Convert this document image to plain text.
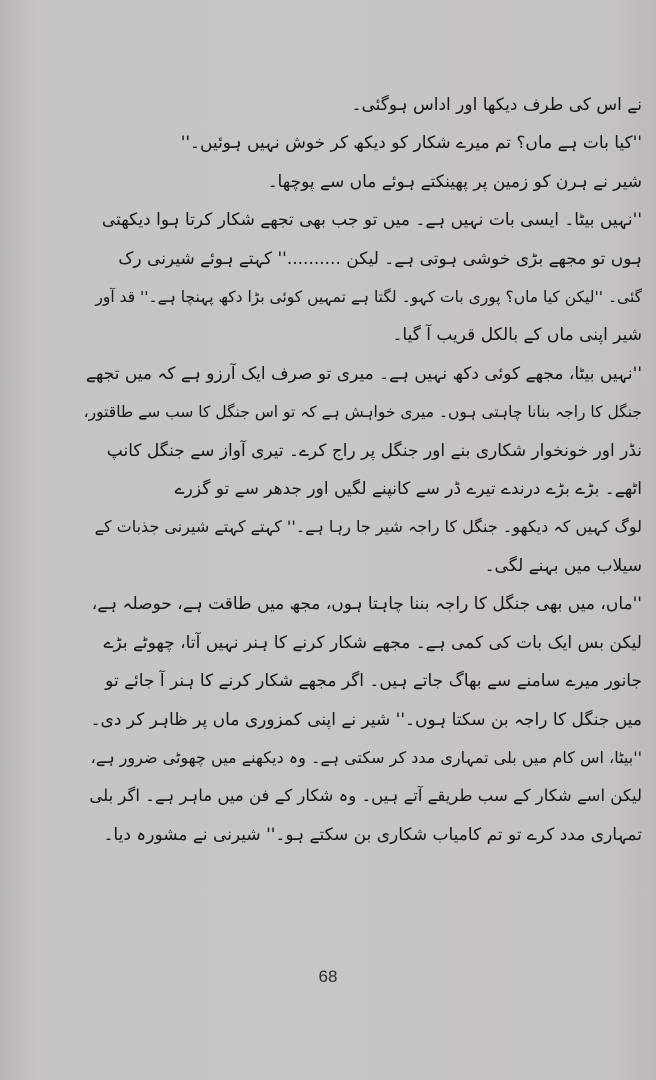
نے اس کی طرف دیکھا اور اداس ہوگئی۔

''کیا بات ہے ماں؟ تم میرے شکار کو دیکھ کر خوش نہیں ہوئیں۔''
شیر نے ہرن کو زمین پر پھینکتے ہوئے ماں سے پوچھا۔

''نہیں بیٹا۔ ایسی بات نہیں ہے۔ میں تو جب بھی تجھے شکار کرتا ہوا دیکھتی
ہوں تو مجھے بڑی خوشی ہوتی ہے۔ لیکن ..........'' کہتے ہوئے شیرنی رک
گئی۔ ''لیکن کیا ماں؟ پوری بات کہو۔ لگتا ہے تمہیں کوئی بڑا دکھ پہنچا ہے۔'' قد آور
شیر اپنی ماں کے بالکل قریب آ گیا۔

''نہیں بیٹا، مجھے کوئی دکھ نہیں ہے۔ میری تو صرف ایک آرزو ہے کہ میں تجھے
جنگل کا راجہ بنانا چاہتی ہوں۔ میری خواہش ہے کہ تو اس جنگل کا سب سے طاقتور،
نڈر اور خونخوار شکاری بنے اور جنگل پر راج کرے۔ تیری آواز سے جنگل کانپ
اٹھے۔ بڑے بڑے درندے تیرے ڈر سے کانپنے لگیں اور جدھر سے تو گزرے
لوگ کہیں کہ دیکھو۔ جنگل کا راجہ شیر جا رہا ہے۔'' کہتے کہتے شیرنی جذبات کے
سیلاب میں بہنے لگی۔

''ماں، میں بھی جنگل کا راجہ بننا چاہتا ہوں، مجھ میں طاقت ہے، حوصلہ ہے،
لیکن بس ایک بات کی کمی ہے۔ مجھے شکار کرنے کا ہنر نہیں آتا، چھوٹے بڑے
جانور میرے سامنے سے بھاگ جاتے ہیں۔ اگر مجھے شکار کرنے کا ہنر آ جائے تو
میں جنگل کا راجہ بن سکتا ہوں۔'' شیر نے اپنی کمزوری ماں پر ظاہر کر دی۔

''بیٹا، اس کام میں بلی تمہاری مدد کر سکتی ہے۔ وہ دیکھنے میں چھوٹی ضرور ہے،
لیکن اسے شکار کے سب طریقے آتے ہیں۔ وہ شکار کے فن میں ماہر ہے۔ اگر بلی
تمہاری مدد کرے تو تم کامیاب شکاری بن سکتے ہو۔'' شیرنی نے مشورہ دیا۔

68
